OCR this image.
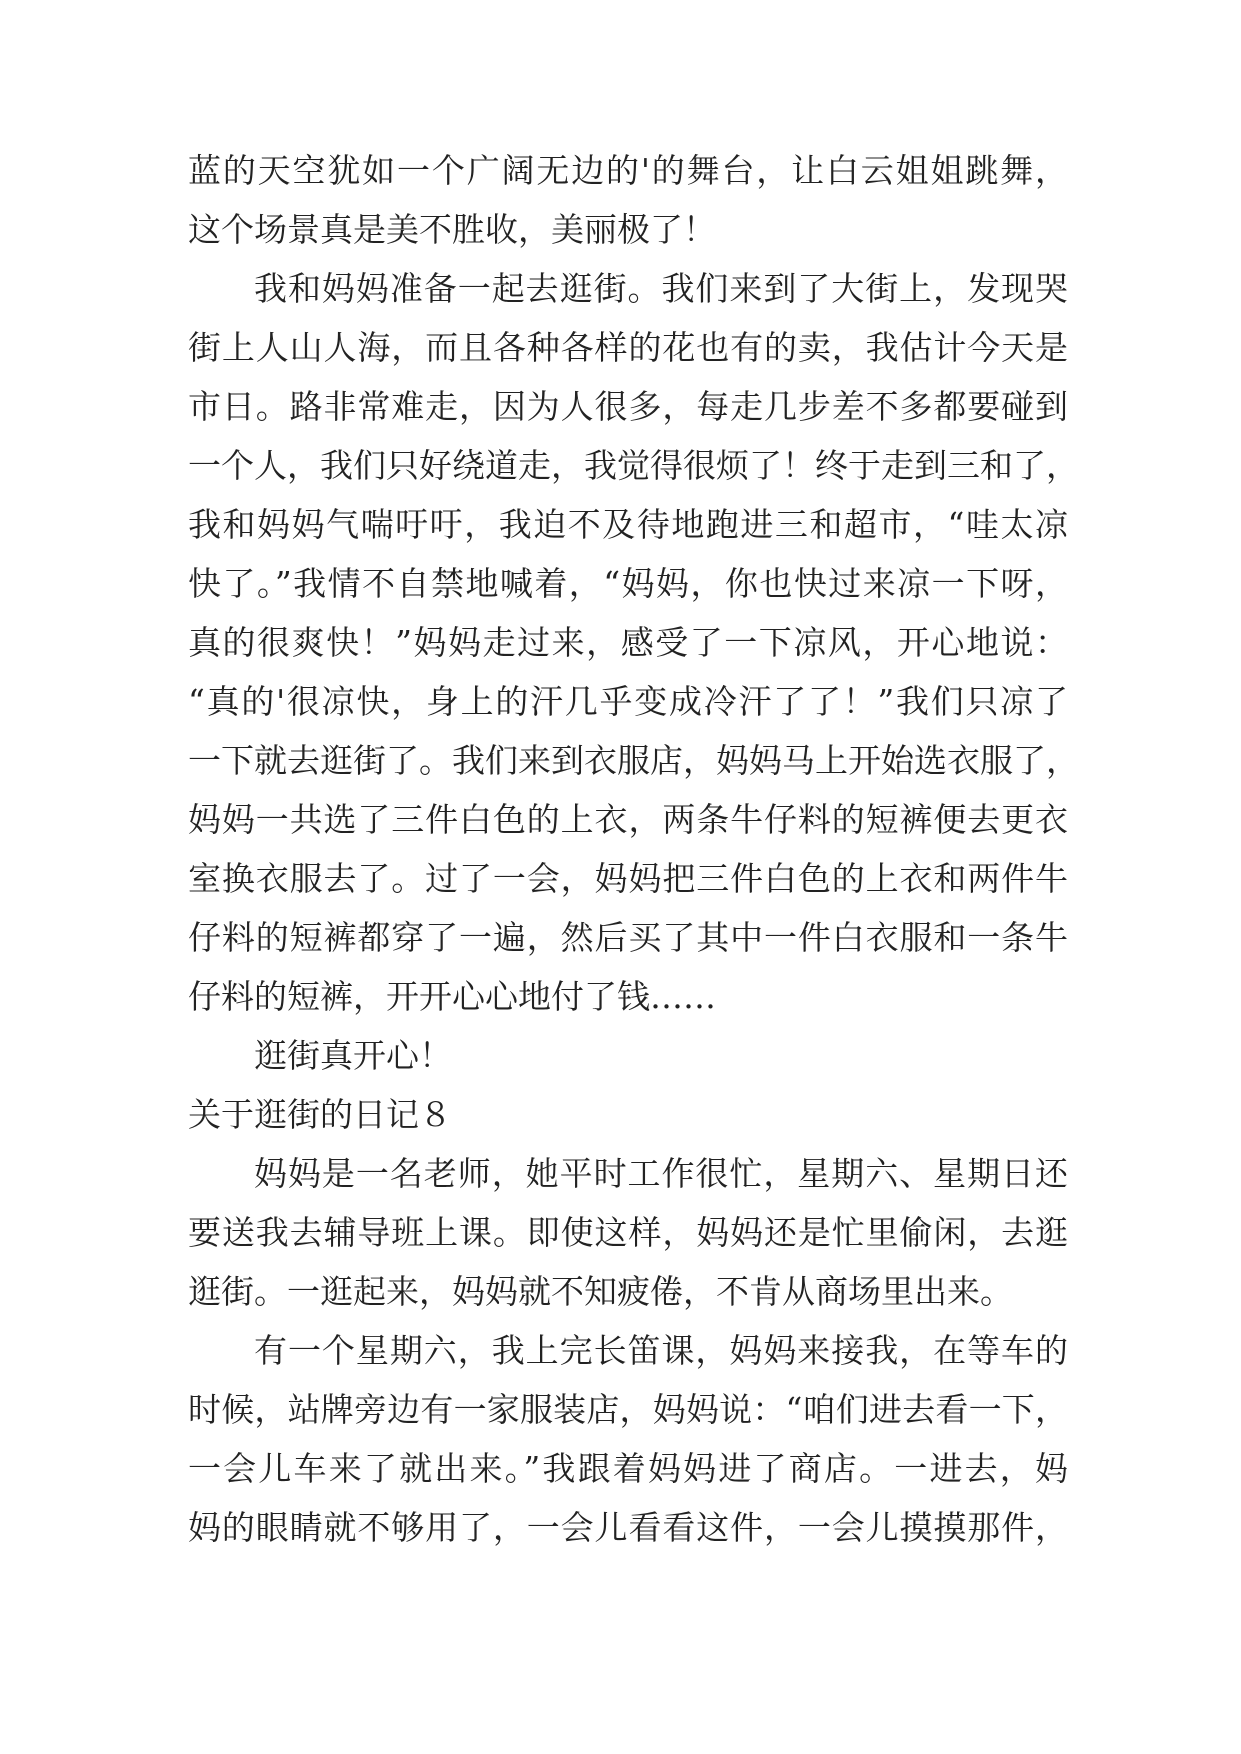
蓝的天空犹如一个广阔无边的'的舞台，让白云姐姐跳舞，

这个场景真是美不胜收，美丽极了！

我和妈妈准备一起去逛街。我们来到了大街上，发现哭

街上人山人海，而且各种各样的花也有的卖，我估计今天是

市日。路非常难走，因为人很多，每走几步差不多都要碰到

一个人，我们只好绕道走，我觉得很烦了！终于走到三和了，

我和妈妈气喘吁吁，我迫不及待地跑进三和超市，“哇太凉

快了。”我情不自禁地喊着，“妈妈，你也快过来凉一下呀，

真的很爽快！”妈妈走过来，感受了一下凉风，开心地说：

“真的'很凉快，身上的汗几乎变成冷汗了了！”我们只凉了

一下就去逛街了。我们来到衣服店，妈妈马上开始选衣服了，

妈妈一共选了三件白色的上衣，两条牛仔料的短裤便去更衣

室换衣服去了。过了一会，妈妈把三件白色的上衣和两件牛

仔料的短裤都穿了一遍，然后买了其中一件白衣服和一条牛

仔料的短裤，开开心心地付了钱……

逛街真开心！

关于逛街的日记８

妈妈是一名老师，她平时工作很忙，星期六、星期日还

要送我去辅导班上课。即使这样，妈妈还是忙里偷闲，去逛

逛街。一逛起来，妈妈就不知疲倦，不肯从商场里出来。

有一个星期六，我上完长笛课，妈妈来接我，在等车的

时候，站牌旁边有一家服装店，妈妈说：“咱们进去看一下，

一会儿车来了就出来。”我跟着妈妈进了商店。一进去，妈

妈的眼睛就不够用了，一会儿看看这件，一会儿摸摸那件，
